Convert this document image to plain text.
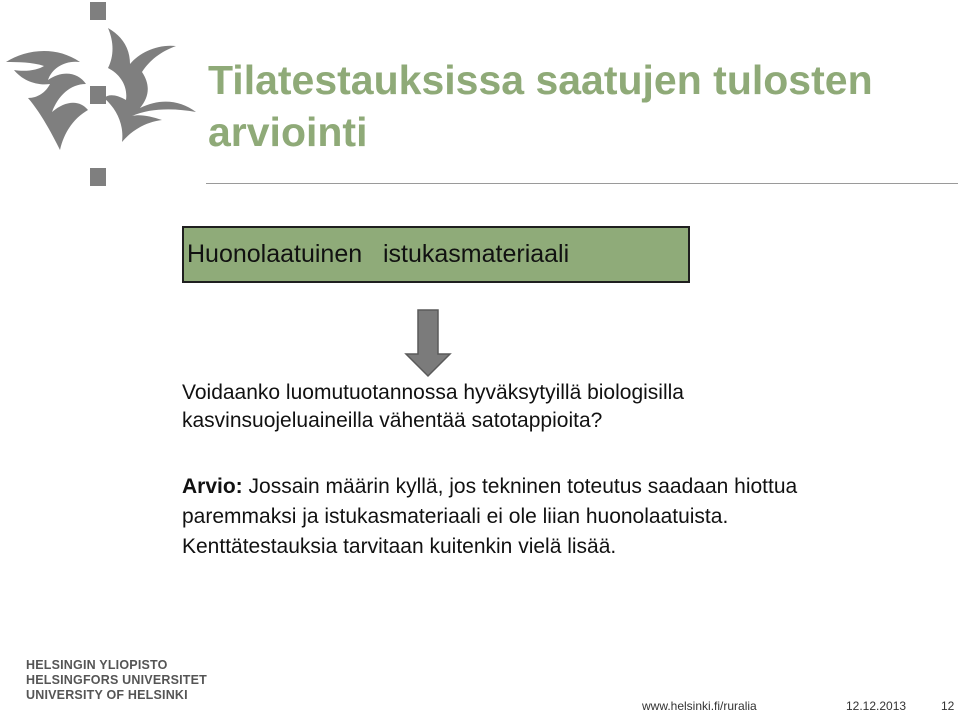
Tilatestauksissa saatujen tulosten arviointi
Huonolaatuinen   istukasmateriaali

Voidaanko luomutuotannossa hyväksytyillä biologisilla kasvinsuojeluaineilla vähentää satotappioita?

Arvio: Jossain määrin kyllä, jos tekninen toteutus saadaan hiottua paremmaksi ja istukasmateriaali ei ole liian huonolaatuista. Kenttätestauksia tarvitaan kuitenkin vielä lisää.

HELSINGIN YLIOPISTO
HELSINGFORS UNIVERSITET
UNIVERSITY OF HELSINKI
www.helsinki.fi/ruralia	12.12.2013	12
